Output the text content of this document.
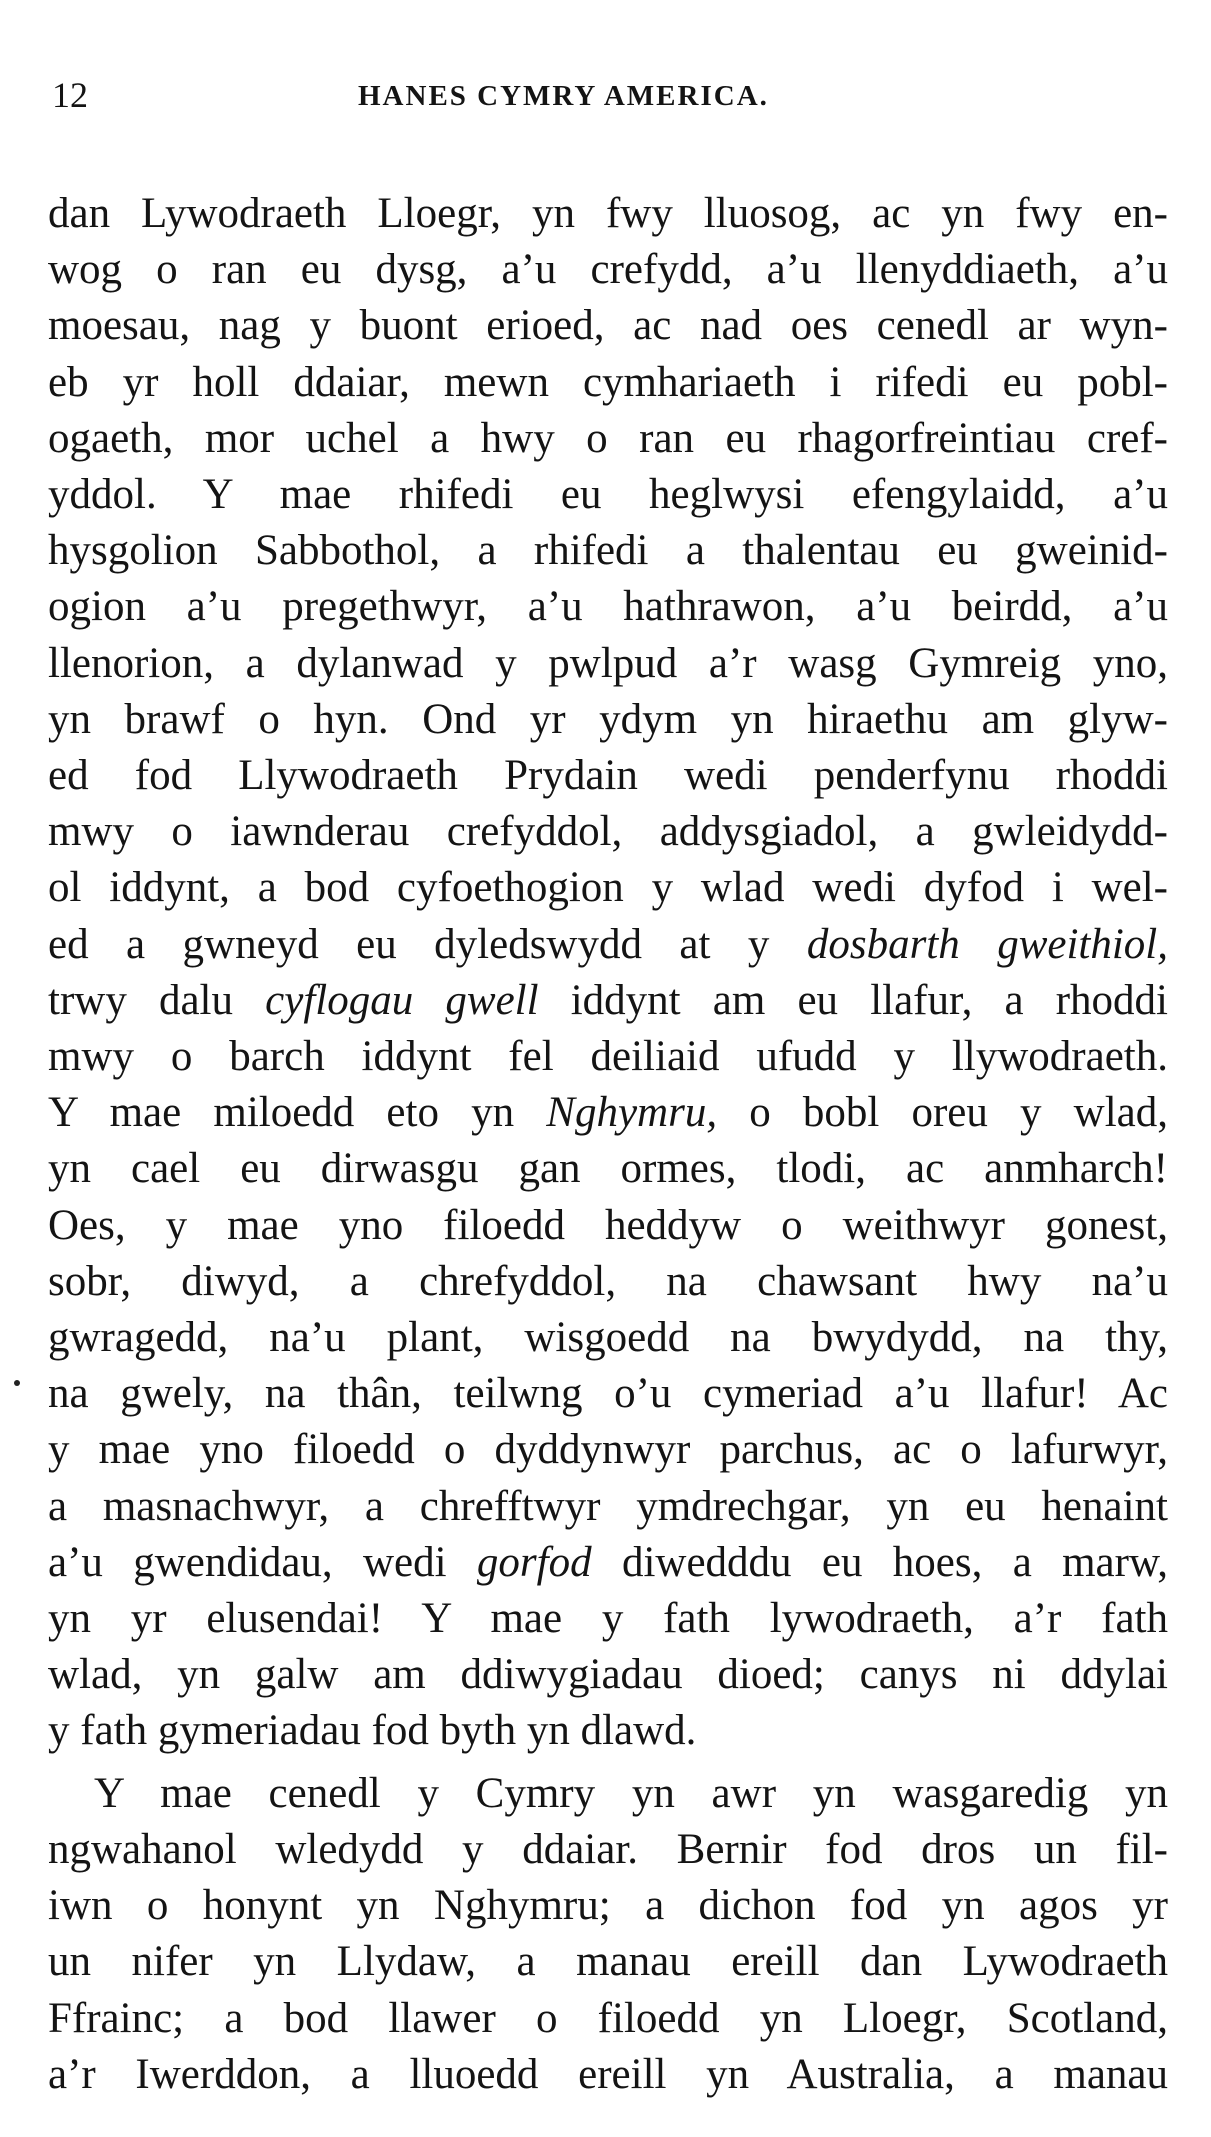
12	HANES CYMRY AMERICA.
dan Lywodraeth Lloegr, yn fwy lluosog, ac yn fwy en-
wog o ran eu dysg, a’u crefydd, a’u llenyddiaeth, a’u
moesau, nag y buont erioed, ac nad oes cenedl ar wyn-
eb yr holl ddaiar, mewn cymhariaeth i rifedi eu pobl-
ogaeth, mor uchel a hwy o ran eu rhagorfreintiau cref-
yddol. Y mae rhifedi eu heglwysi efengylaidd, a’u
hysgolion Sabbothol, a rhifedi a thalentau eu gweinid-
ogion a’u pregethwyr, a’u hathrawon, a’u beirdd, a’u
llenorion, a dylanwad y pwlpud a’r wasg Gymreig yno,
yn brawf o hyn. Ond yr ydym yn hiraethu am glyw-
ed fod Llywodraeth Prydain wedi penderfynu rhoddi
mwy o iawnderau crefyddol, addysgiadol, a gwleidydd-
ol iddynt, a bod cyfoethogion y wlad wedi dyfod i wel-
ed a gwneyd eu dyledswydd at y dosbarth gweithiol,
trwy dalu cyflogau gwell iddynt am eu llafur, a rhoddi
mwy o barch iddynt fel deiliaid ufudd y llywodraeth.
Y mae miloedd eto yn Nghymru, o bobl oreu y wlad,
yn cael eu dirwasgu gan ormes, tlodi, ac anmharch!
Oes, y mae yno filoedd heddyw o weithwyr gonest,
sobr, diwyd, a chrefyddol, na chawsant hwy na’u
gwragedd, na’u plant, wisgoedd na bwydydd, na thy,
na gwely, na thân, teilwng o’u cymeriad a’u llafur! Ac
y mae yno filoedd o dyddynwyr parchus, ac o lafurwyr,
a masnachwyr, a chrefftwyr ymdrechgar, yn eu henaint
a’u gwendidau, wedi gorfod diwedddu eu hoes, a marw,
yn yr elusendai! Y mae y fath lywodraeth, a’r fath
wlad, yn galw am ddiwygiadau dioed; canys ni ddylai
y fath gymeriadau fod byth yn dlawd.
Y mae cenedl y Cymry yn awr yn wasgaredig yn
ngwahanol wledydd y ddaiar. Bernir fod dros un fil-
iwn o honynt yn Nghymru; a dichon fod yn agos yr
un nifer yn Llydaw, a manau ereill dan Lywodraeth
Ffrainc; a bod llawer o filoedd yn Lloegr, Scotland,
a’r Iwerddon, a lluoedd ereill yn Australia, a manau
